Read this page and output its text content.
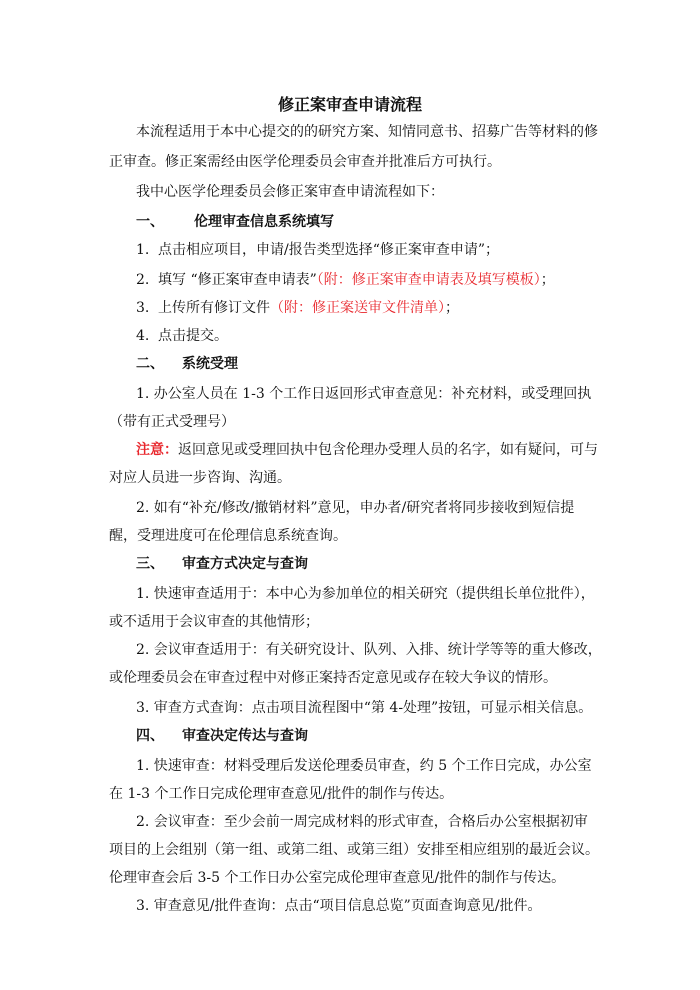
修正案审查申请流程
本流程适用于本中心提交的的研究方案、知情同意书、招募广告等材料的修
正审查。修正案需经由医学伦理委员会审查并批准后方可执行。
我中心医学伦理委员会修正案审查申请流程如下：
一、 伦理审查信息系统填写
1. 点击相应项目，申请/报告类型选择“修正案审查申请”；
2. 填写 “修正案审查申请表”（附：修正案审查申请表及填写模板）；
3. 上传所有修订文件（附：修正案送审文件清单）；
4. 点击提交。
二、 系统受理
1. 办公室人员在 1-3 个工作日返回形式审查意见：补充材料，或受理回执
（带有正式受理号）
注意：返回意见或受理回执中包含伦理办受理人员的名字，如有疑问，可与
对应人员进一步咨询、沟通。
2. 如有“补充/修改/撤销材料”意见，申办者/研究者将同步接收到短信提
醒，受理进度可在伦理信息系统查询。
三、 审查方式决定与查询
1. 快速审查适用于：本中心为参加单位的相关研究（提供组长单位批件），
或不适用于会议审查的其他情形；
2. 会议审查适用于：有关研究设计、队列、入排、统计学等等的重大修改，
或伦理委员会在审查过程中对修正案持否定意见或存在较大争议的情形。
3. 审查方式查询：点击项目流程图中“第 4-处理”按钮，可显示相关信息。
四、 审查决定传达与查询
1. 快速审查：材料受理后发送伦理委员审查，约 5 个工作日完成，办公室
在 1-3 个工作日完成伦理审查意见/批件的制作与传达。
2. 会议审查：至少会前一周完成材料的形式审查，合格后办公室根据初审
项目的上会组别（第一组、或第二组、或第三组）安排至相应组别的最近会议。
伦理审查会后 3-5 个工作日办公室完成伦理审查意见/批件的制作与传达。
3. 审查意见/批件查询：点击“项目信息总览”页面查询意见/批件。
